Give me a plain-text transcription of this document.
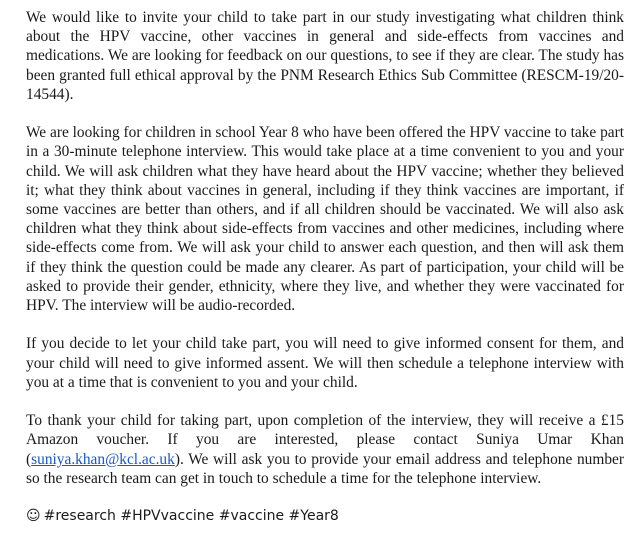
We would like to invite your child to take part in our study investigating what children think about the HPV vaccine, other vaccines in general and side-effects from vaccines and medications. We are looking for feedback on our questions, to see if they are clear. The study has been granted full ethical approval by the PNM Research Ethics Sub Committee (RESCM-19/20-14544).

We are looking for children in school Year 8 who have been offered the HPV vaccine to take part in a 30-minute telephone interview. This would take place at a time convenient to you and your child. We will ask children what they have heard about the HPV vaccine; whether they believed it; what they think about vaccines in general, including if they think vaccines are important, if some vaccines are better than others, and if all children should be vaccinated. We will also ask children what they think about side-effects from vaccines and other medicines, including where side-effects come from. We will ask your child to answer each question, and then will ask them if they think the question could be made any clearer. As part of participation, your child will be asked to provide their gender, ethnicity, where they live, and whether they were vaccinated for HPV. The interview will be audio-recorded.

If you decide to let your child take part, you will need to give informed consent for them, and your child will need to give informed assent. We will then schedule a telephone interview with you at a time that is convenient to you and your child.

To thank your child for taking part, upon completion of the interview, they will receive a £15 Amazon voucher. If you are interested, please contact Suniya Umar Khan (suniya.khan@kcl.ac.uk). We will ask you to provide your email address and telephone number so the research team can get in touch to schedule a time for the telephone interview.

☺ #research #HPVvaccine #vaccine #Year8
